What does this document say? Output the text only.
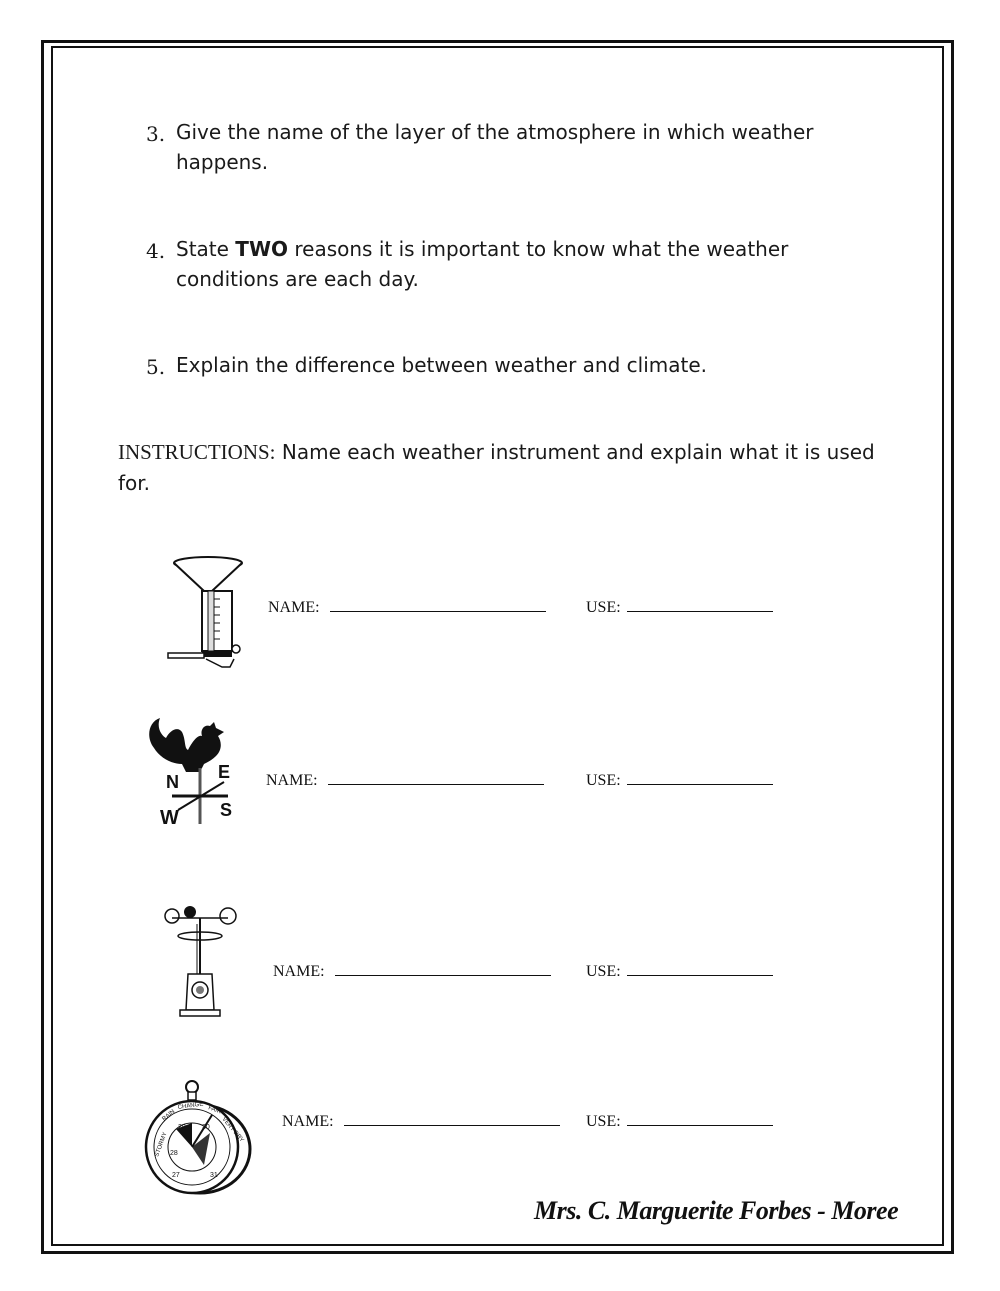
3. Give the name of the layer of the atmosphere in which weather happens.
4. State TWO reasons it is important to know what the weather conditions are each day.
5. Explain the difference between weather and climate.
INSTRUCTIONS: Name each weather instrument and explain what it is used for.
NAME:	USE:
N E
W S
NAME:	USE:
NAME:	USE:
STORMY
RAIN
CHANGE FAIR
VERY DRY
29 30
28
27	31
NAME:	USE:
Mrs. C. Marguerite Forbes - Moree
